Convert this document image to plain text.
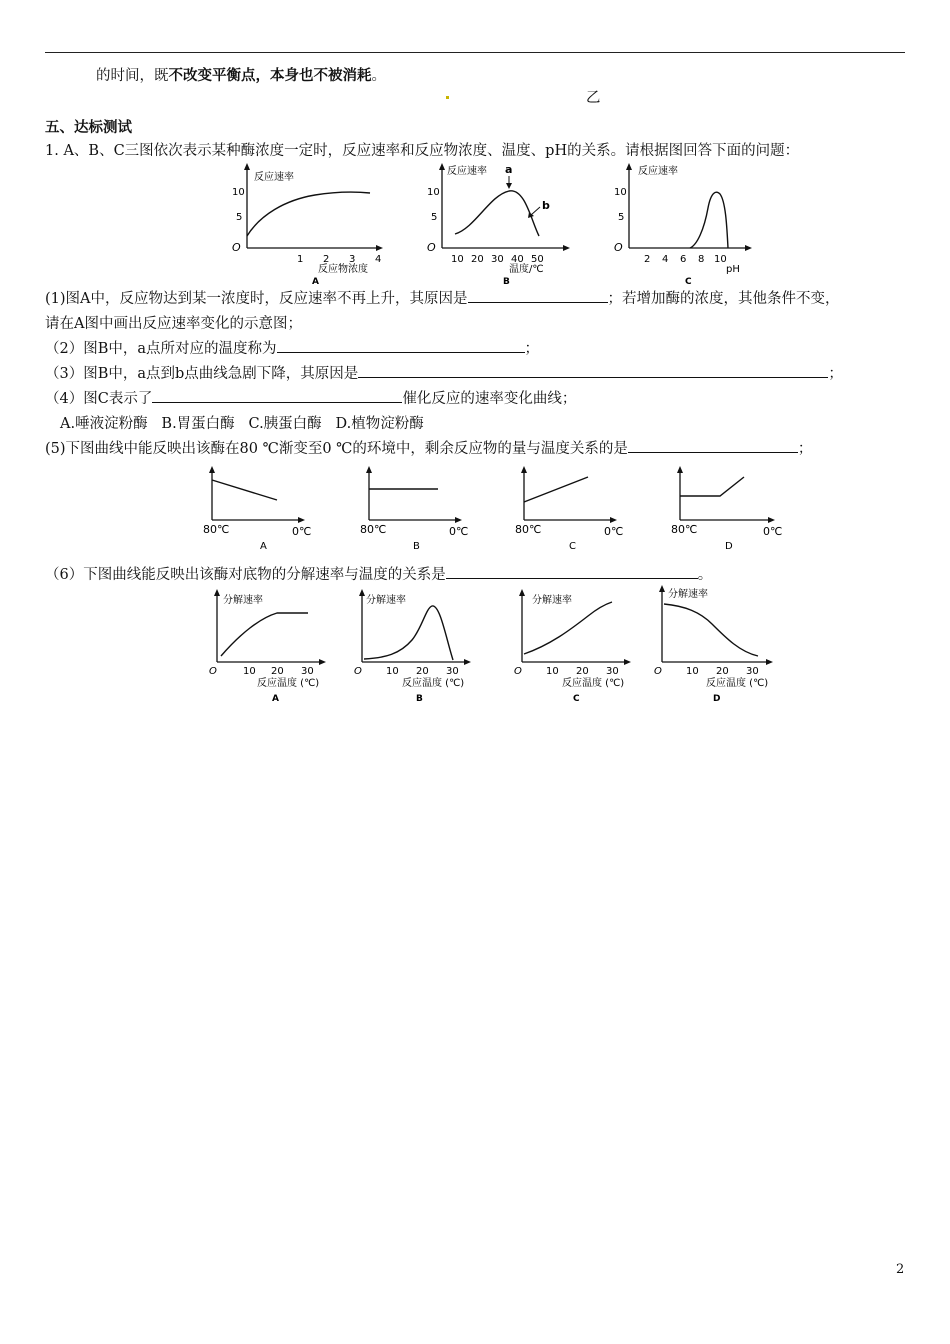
的时间，既不改变平衡点，本身也不被消耗。
乙
五、达标测试
1. A、B、C三图依次表示某种酶浓度一定时，反应速率和反应物浓度、温度、pH的关系。请根据图回答下面的问题：
反应速率
10
5
O
1 2 3 4
反应物浓度
A
反应速率
10
5
O
10 20 30 40 50
温度/℃
B
a
b
反应速率
10
5
O
2 4 6 8 10
pH
C
(1)图A中，反应物达到某一浓度时，反应速率不再上升，其原因是	；若增加酶的浓度，其他条件不变，
请在A图中画出反应速率变化的示意图；
（2）图B中，a点所对应的温度称为	；
（3）图B中，a点到b点曲线急剧下降，其原因是	；
（4）图C表示了	催化反应的速率变化曲线；
A.唾液淀粉酶   B.胃蛋白酶   C.胰蛋白酶   D.植物淀粉酶
(5)下图曲线中能反映出该酶在80 ℃渐变至0 ℃的环境中，剩余反应物的量与温度关系的是	；
80℃	0℃
A
80℃	0℃
B
80℃	0℃
C
80℃	0℃
D
（6）下图曲线能反映出该酶对底物的分解速率与温度的关系是	。
分解速率
O	10 20 30
反应温度 (℃)
A
分解速率
O 10 20 30
反应温度 (℃)
B
分解速率
O 10 20 30
反应温度 (℃)
C
分解速率
O 10 20 30
反应温度 (℃)
D
2
